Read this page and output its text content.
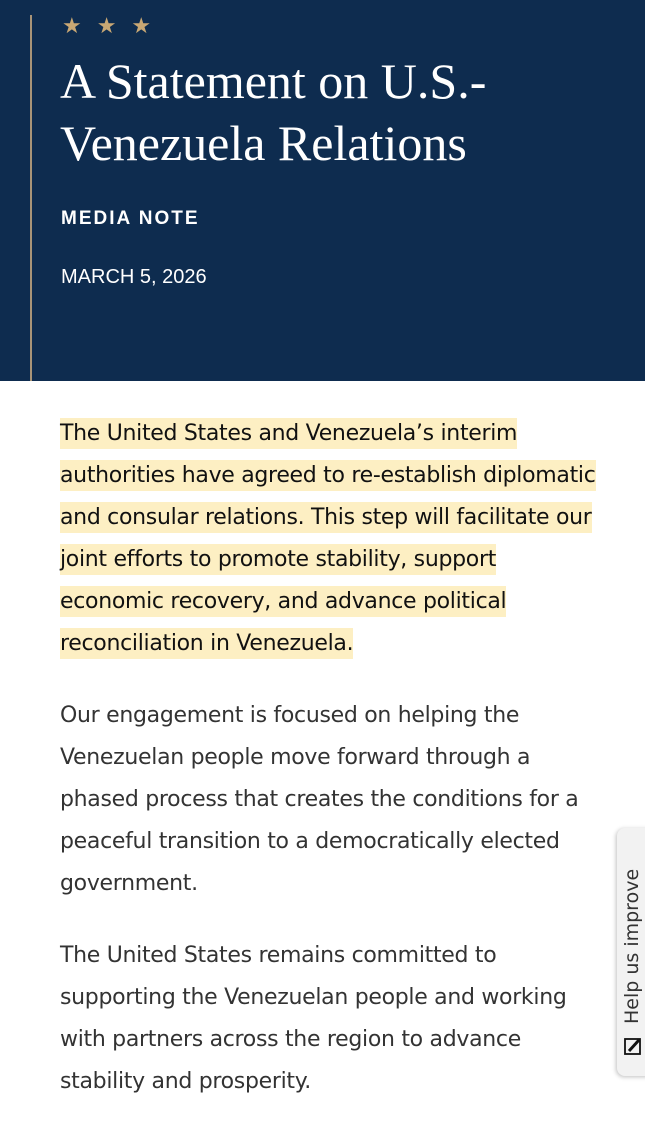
★ ★ ★
A Statement on U.S.-Venezuela Relations
MEDIA NOTE
MARCH 5, 2026

The United States and Venezuela’s interim authorities have agreed to re-establish diplomatic and consular relations. This step will facilitate our joint efforts to promote stability, support economic recovery, and advance political reconciliation in Venezuela.

Our engagement is focused on helping the Venezuelan people move forward through a phased process that creates the conditions for a peaceful transition to a democratically elected government.

The United States remains committed to supporting the Venezuelan people and working with partners across the region to advance stability and prosperity.

Help us improve
